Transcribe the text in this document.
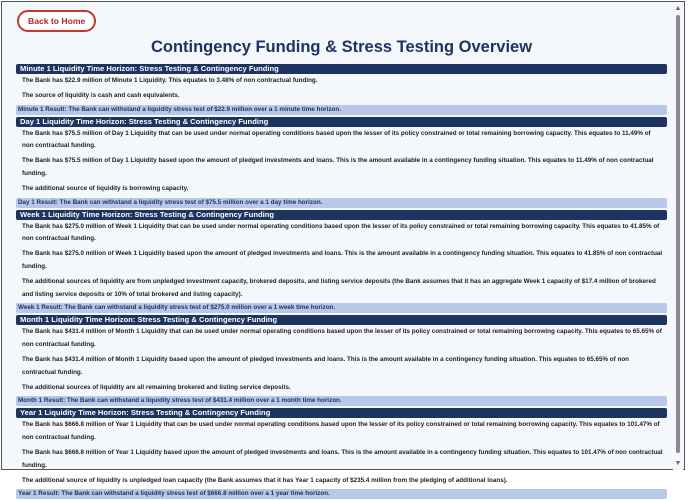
Back to Home
Contingency Funding & Stress Testing Overview
Minute 1 Liquidity Time Horizon: Stress Testing & Contingency Funding
The Bank has $22.9 million of Minute 1 Liquidity. This equates to 3.48% of non contractual funding.
The source of liquidity is cash and cash equivalents.
Minute 1 Result: The Bank can withstand a liquidity stress test of $22.9 million over a 1 minute time horizon.
Day 1 Liquidity Time Horizon: Stress Testing & Contingency Funding
The Bank has $75.5 million of Day 1 Liquidity that can be used under normal operating conditions based upon the lesser of its policy constrained or total remaining borrowing capacity. This equates to 11.49% of non contractual funding.
The Bank has $75.5 million of Day 1 Liquidity based upon the amount of pledged investments and loans. This is the amount available in a contingency funding situation. This equates to 11.49% of non contractual funding.
The additional source of liquidity is borrowing capacity.
Day 1 Result: The Bank can withstand a liquidity stress test of $75.5 million over a 1 day time horizon.
Week 1 Liquidity Time Horizon: Stress Testing & Contingency Funding
The Bank has $275.0 million of Week 1 Liquidity that can be used under normal operating conditions based upon the lesser of its policy constrained or total remaining borrowing capacity. This equates to 41.85% of non contractual funding.
The Bank has $275.0 million of Week 1 Liquidity based upon the amount of pledged investments and loans. This is the amount available in a contingency funding situation. This equates to 41.85% of non contractual funding.
The additional sources of liquidity are from unpledged investment capacity, brokered deposits, and listing service deposits (the Bank assumes that it has an aggregate Week 1 capacity of $17.4 million of brokered and listing service deposits or 10% of total brokered and listing capacity).
Week 1 Result: The Bank can withstand a liquidity stress test of $275.0 million over a 1 week time horizon.
Month 1 Liquidity Time Horizon: Stress Testing & Contingency Funding
The Bank has $431.4 million of Month 1 Liquidity that can be used under normal operating conditions based upon the lesser of its policy constrained or total remaining borrowing capacity. This equates to 65.65% of non contractual funding.
The Bank has $431.4 million of Month 1 Liquidity based upon the amount of pledged investments and loans. This is the amount available in a contingency funding situation. This equates to 65.65% of non contractual funding.
The additional sources of liquidity are all remaining brokered and listing service deposits.
Month 1 Result: The Bank can withstand a liquidity stress test of $431.4 million over a 1 month time horizon.
Year 1 Liquidity Time Horizon: Stress Testing & Contingency Funding
The Bank has $666.8 million of Year 1 Liquidity that can be used under normal operating conditions based upon the lesser of its policy constrained or total remaining borrowing capacity. This equates to 101.47% of non contractual funding.
The Bank has $666.8 million of Year 1 Liquidity based upon the amount of pledged investments and loans. This is the amount available in a contingency funding situation. This equates to 101.47% of non contractual funding.
The additional source of liquidity is unpledged loan capacity (the Bank assumes that it has Year 1 capacity of $235.4 million from the pledging of additional loans).
Year 1 Result: The Bank can withstand a liquidity stress test of $666.8 million over a 1 year time horizon.
▲
▼
